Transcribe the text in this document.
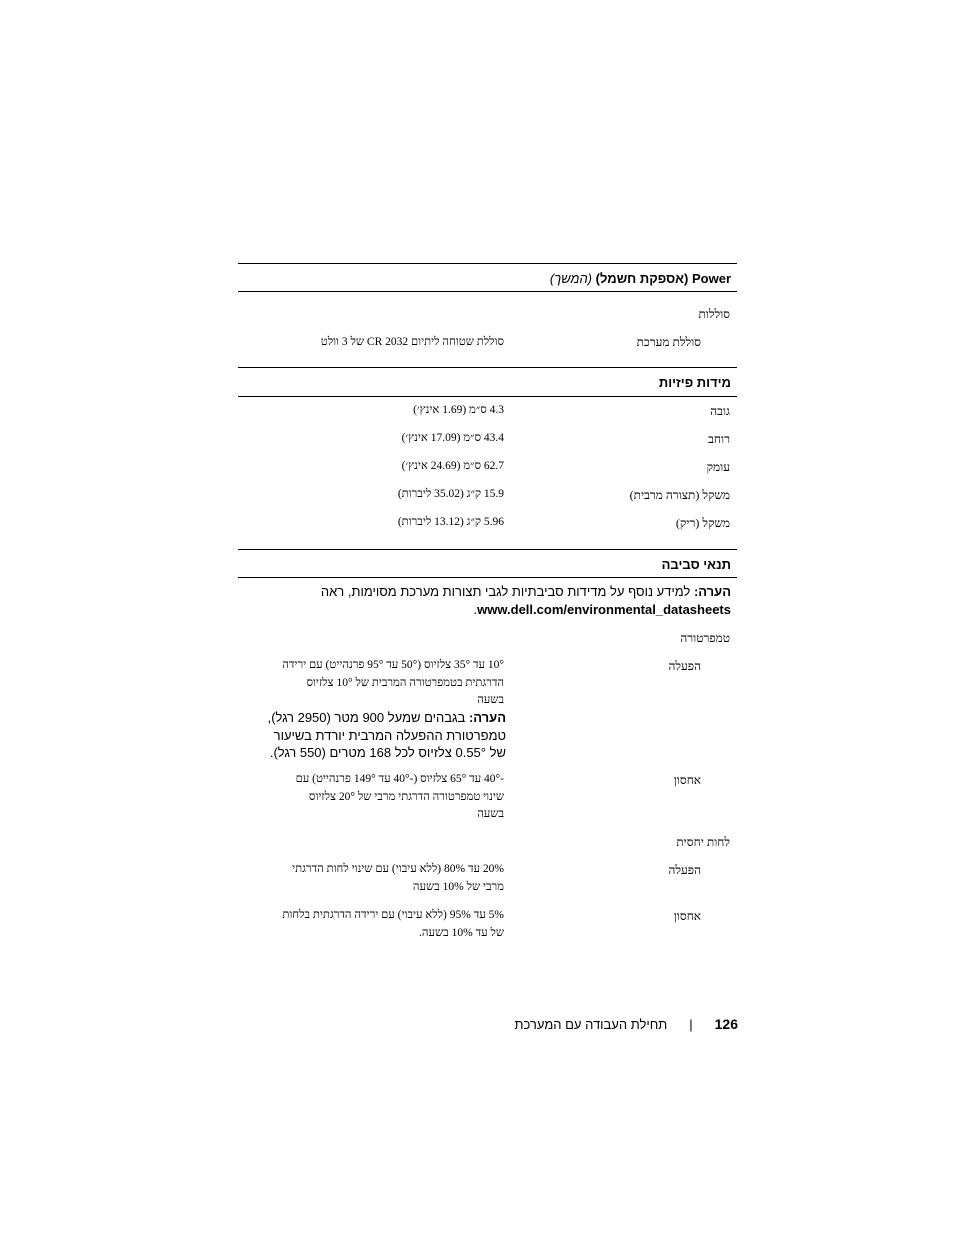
Power (אספקת חשמל) (המשך)
סוללות
סוללת מערכת
סוללת שטוחה ליתיום CR 2032 של 3 וולט
מידות פיזיות
גובה
4.3 ס״מ (1.69 אינץ׳)
רוחב
43.4 ס״מ (17.09 אינץ׳)
עומק
62.7 ס״מ (24.69 אינץ׳)
משקל (תצורה מרבית)
15.9 ק״ג (35.02 ליברות)
משקל (ריק)
5.96 ק״ג (13.12 ליברות)
תנאי סביבה
הערה: למידע נוסף על מדידות סביבתיות לגבי תצורות מערכת מסוימות, ראה
www.dell.com/environmental_datasheets.
טמפרטורה
הפעלה
10° עד 35° צלזיוס (50° עד 95° פרנהייט) עם ירידה
הדרגתית בטמפרטורה המרבית של 10° צלזיוס
בשעה
הערה: בגבהים שמעל 900 מטר (2950 רגל),
טמפרטורת ההפעלה המרבית יורדת בשיעור
של 0.55° צלזיוס לכל 168 מטרים (550 רגל).
אחסון
-40° עד 65° צלזיוס (-40° עד 149° פרנהייט) עם
שינוי טמפרטורה הדרגתי מרבי של 20° צלזיוס
בשעה
לחות יחסית
הפעלה
20% עד 80% (ללא עיבוי) עם שינוי לחות הדרגתי
מרבי של 10% בשעה
אחסון
5% עד 95% (ללא עיבוי) עם ירידה הדרגתית בלחות
של עד 10% בשעה.
126|תחילת העבודה עם המערכת
